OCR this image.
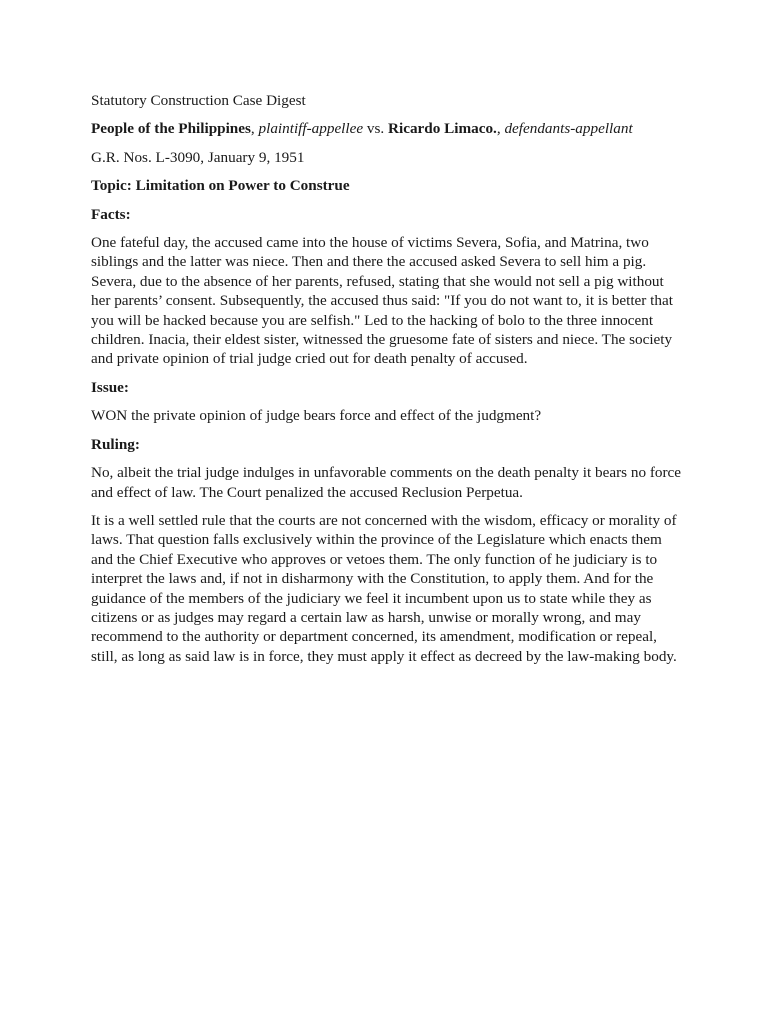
Statutory Construction Case Digest

People of the Philippines, plaintiff-appellee vs. Ricardo Limaco., defendants-appellant

G.R. Nos. L-3090, January 9, 1951

Topic: Limitation on Power to Construe

Facts:

One fateful day, the accused came into the house of victims Severa, Sofia, and Matrina, two siblings and the latter was niece. Then and there the accused asked Severa to sell him a pig. Severa, due to the absence of her parents, refused, stating that she would not sell a pig without her parents’ consent. Subsequently, the accused thus said: "If you do not want to, it is better that you will be hacked because you are selfish." Led to the hacking of bolo to the three innocent children. Inacia, their eldest sister, witnessed the gruesome fate of sisters and niece. The society and private opinion of trial judge cried out for death penalty of accused.

Issue:

WON the private opinion of judge bears force and effect of the judgment?

Ruling:

No, albeit the trial judge indulges in unfavorable comments on the death penalty it bears no force and effect of law. The Court penalized the accused Reclusion Perpetua.

It is a well settled rule that the courts are not concerned with the wisdom, efficacy or morality of laws. That question falls exclusively within the province of the Legislature which enacts them and the Chief Executive who approves or vetoes them. The only function of he judiciary is to interpret the laws and, if not in disharmony with the Constitution, to apply them. And for the guidance of the members of the judiciary we feel it incumbent upon us to state while they as citizens or as judges may regard a certain law as harsh, unwise or morally wrong, and may recommend to the authority or department concerned, its amendment, modification or repeal, still, as long as said law is in force, they must apply it effect as decreed by the law-making body.
